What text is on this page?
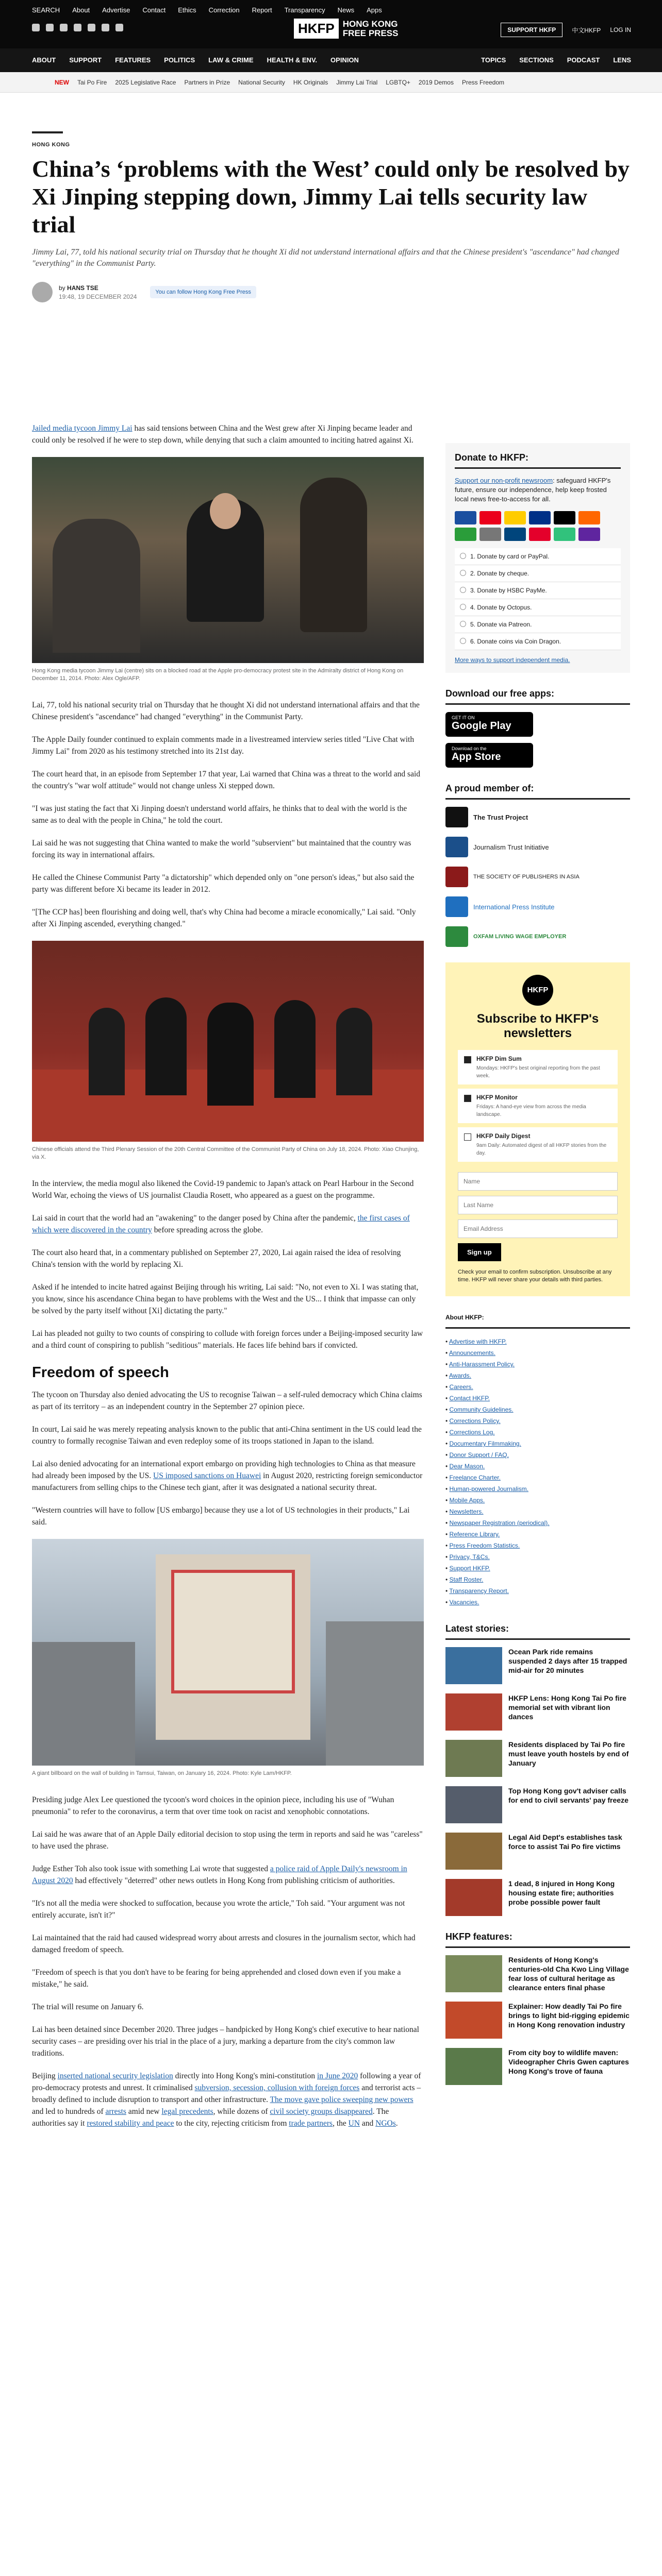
SEARCH About Advertise Contact Ethics Correction Report Transparency News Apps
HKFP HONG KONG
FREE PRESS	SUPPORT HKFP	中文HKFP LOG IN
ABOUT SUPPORT FEATURES POLITICS LAW & CRIME HEALTH & ENV. OPINION	TOPICS SECTIONS PODCAST LENS
NEW Tai Po Fire 2025 Legislative Race Partners in Prize National Security HK Originals Jimmy Lai Trial LGBTQ+ 2019 Demos Press Freedom
HONG KONG
China’s ‘problems with the West’ could only be resolved by Xi Jinping stepping down, Jimmy Lai tells security law trial

Jimmy Lai, 77, told his national security trial on Thursday that he thought Xi did not understand international affairs and that the Chinese president's "ascendance" had changed "everything" in the Communist Party.

by HANS TSE
19:48, 19 DECEMBER 2024
You can follow Hong Kong Free Press

Jailed media tycoon Jimmy Lai has said tensions between China and the West grew after Xi Jinping became leader and could only be resolved if he were to step down, while denying that such a claim amounted to inciting hatred against Xi.

Hong Kong media tycoon Jimmy Lai (centre) sits on a blocked road at the Apple pro-democracy protest site in the Admiralty district of Hong Kong on December 11, 2014. Photo: Alex Ogle/AFP.

Lai, 77, told his national security trial on Thursday that he thought Xi did not understand international affairs and that the Chinese president's "ascendance" had changed "everything" in the Communist Party.

The Apple Daily founder continued to explain comments made in a livestreamed interview series titled "Live Chat with Jimmy Lai" from 2020 as his testimony stretched into its 21st day.

The court heard that, in an episode from September 17 that year, Lai warned that China was a threat to the world and said the country's "war wolf attitude" would not change unless Xi stepped down.

"I was just stating the fact that Xi Jinping doesn't understand world affairs, he thinks that to deal with the world is the same as to deal with the people in China," he told the court.

Lai said he was not suggesting that China wanted to make the world "subservient" but maintained that the country was forcing its way in international affairs.

He called the Chinese Communist Party "a dictatorship" which depended only on "one person's ideas," but also said the party was different before Xi became its leader in 2012.

"[The CCP has] been flourishing and doing well, that's why China had become a miracle economically," Lai said. "Only after Xi Jinping ascended, everything changed."

Chinese officials attend the Third Plenary Session of the 20th Central Committee of the Communist Party of China on July 18, 2024. Photo: Xiao Chunjing, via X.

In the interview, the media mogul also likened the Covid-19 pandemic to Japan's attack on Pearl Harbour in the Second World War, echoing the views of US journalist Claudia Rosett, who appeared as a guest on the programme.

Lai said in court that the world had an "awakening" to the danger posed by China after the pandemic, the first cases of which were discovered in the country before spreading across the globe.

The court also heard that, in a commentary published on September 27, 2020, Lai again raised the idea of resolving China's tension with the world by replacing Xi.

Asked if he intended to incite hatred against Beijing through his writing, Lai said: "No, not even to Xi. I was stating that, you know, since his ascendance China began to have problems with the West and the US... I think that impasse can only be solved by the party itself without [Xi] dictating the party."

Lai has pleaded not guilty to two counts of conspiring to collude with foreign forces under a Beijing-imposed security law and a third count of conspiring to publish "seditious" materials. He faces life behind bars if convicted.

Freedom of speech

The tycoon on Thursday also denied advocating the US to recognise Taiwan – a self-ruled democracy which China claims as part of its territory – as an independent country in the September 27 opinion piece.

In court, Lai said he was merely repeating analysis known to the public that anti-China sentiment in the US could lead the country to formally recognise Taiwan and even redeploy some of its troops stationed in Japan to the island.

Lai also denied advocating for an international export embargo on providing high technologies to China as that measure had already been imposed by the US. US imposed sanctions on Huawei in August 2020, restricting foreign semiconductor manufacturers from selling chips to the Chinese tech giant, after it was designated a national security threat.

"Western countries will have to follow [US embargo] because they use a lot of US technologies in their products," Lai said.

A giant billboard on the wall of building in Tamsui, Taiwan, on January 16, 2024. Photo: Kyle Lam/HKFP.

Presiding judge Alex Lee questioned the tycoon's word choices in the opinion piece, including his use of "Wuhan pneumonia" to refer to the coronavirus, a term that over time took on racist and xenophobic connotations.

Lai said he was aware that of an Apple Daily editorial decision to stop using the term in reports and said he was "careless" to have used the phrase.

Judge Esther Toh also took issue with something Lai wrote that suggested a police raid of Apple Daily's newsroom in August 2020 had effectively "deterred" other news outlets in Hong Kong from publishing criticism of authorities.

"It's not all the media were shocked to suffocation, because you wrote the article," Toh said. "Your argument was not entirely accurate, isn't it?"

Lai maintained that the raid had caused widespread worry about arrests and closures in the journalism sector, which had damaged freedom of speech.

"Freedom of speech is that you don't have to be fearing for being apprehended and closed down even if you make a mistake," he said.

The trial will resume on January 6.

Lai has been detained since December 2020. Three judges – handpicked by Hong Kong's chief executive to hear national security cases – are presiding over his trial in the place of a jury, marking a departure from the city's common law traditions.

Beijing inserted national security legislation directly into Hong Kong's mini-constitution in June 2020 following a year of pro-democracy protests and unrest. It criminalised subversion, secession, collusion with foreign forces and terrorist acts – broadly defined to include disruption to transport and other infrastructure. The move gave police sweeping new powers and led to hundreds of arrests amid new legal precedents, while dozens of civil society groups disappeared. The authorities say it restored stability and peace to the city, rejecting criticism from trade partners, the UN and NGOs.

Donate to HKFP:

Support our non-profit newsroom: safeguard HKFP's future, ensure our independence, help keep frosted local news free-to-access for all.

1. Donate by card or PayPal.
2. Donate by cheque.
3. Donate by HSBC PayMe.
4. Donate by Octopus.
5. Donate via Patreon.
6. Donate coins via Coin Dragon.
More ways to support independent media.
Download our free apps:
GET IT ON
Google Play
Download on the
App Store
A proud member of:
The Trust Project
Journalism Trust Initiative
THE SOCIETY OF PUBLISHERS IN ASIA
International Press Institute
OXFAM LIVING WAGE EMPLOYER
HKFP
Subscribe to HKFP's newsletters
HKFP Dim Sum
Mondays: HKFP's best original reporting from the past week.
HKFP Monitor
Fridays: A hand-eye view from across the media landscape.
HKFP Daily Digest
9am Daily: Automated digest of all HKFP stories from the day.
Name Last Name Email Address
Sign up
Check your email to confirm subscription. Unsubscribe at any time. HKFP will never share your details with third parties.
About HKFP:
• Advertise with HKFP.
• Announcements.
• Anti-Harassment Policy.
• Awards.
• Careers.
• Contact HKFP.
• Community Guidelines.
• Corrections Policy.
• Corrections Log.
• Documentary Filmmaking.
• Donor Support / FAQ.
• Dear Mason.
• Freelance Charter.
• Human-powered Journalism.
• Mobile Apps.
• Newsletters.
• Newspaper Registration (periodical).
• Reference Library.
• Press Freedom Statistics.
• Privacy, T&Cs.
• Support HKFP.
• Staff Roster.
• Transparency Report.
• Vacancies.
Latest stories:
Ocean Park ride remains suspended 2 days after 15 trapped mid-air for 20 minutes
HKFP Lens: Hong Kong Tai Po fire memorial set with vibrant lion dances
Residents displaced by Tai Po fire must leave youth hostels by end of January
Top Hong Kong gov't adviser calls for end to civil servants' pay freeze
Legal Aid Dept's establishes task force to assist Tai Po fire victims
1 dead, 8 injured in Hong Kong housing estate fire; authorities probe possible power fault
HKFP features:
Residents of Hong Kong's centuries-old Cha Kwo Ling Village fear loss of cultural heritage as clearance enters final phase
Explainer: How deadly Tai Po fire brings to light bid-rigging epidemic in Hong Kong renovation industry
From city boy to wildlife maven: Videographer Chris Gwen captures Hong Kong's trove of fauna
